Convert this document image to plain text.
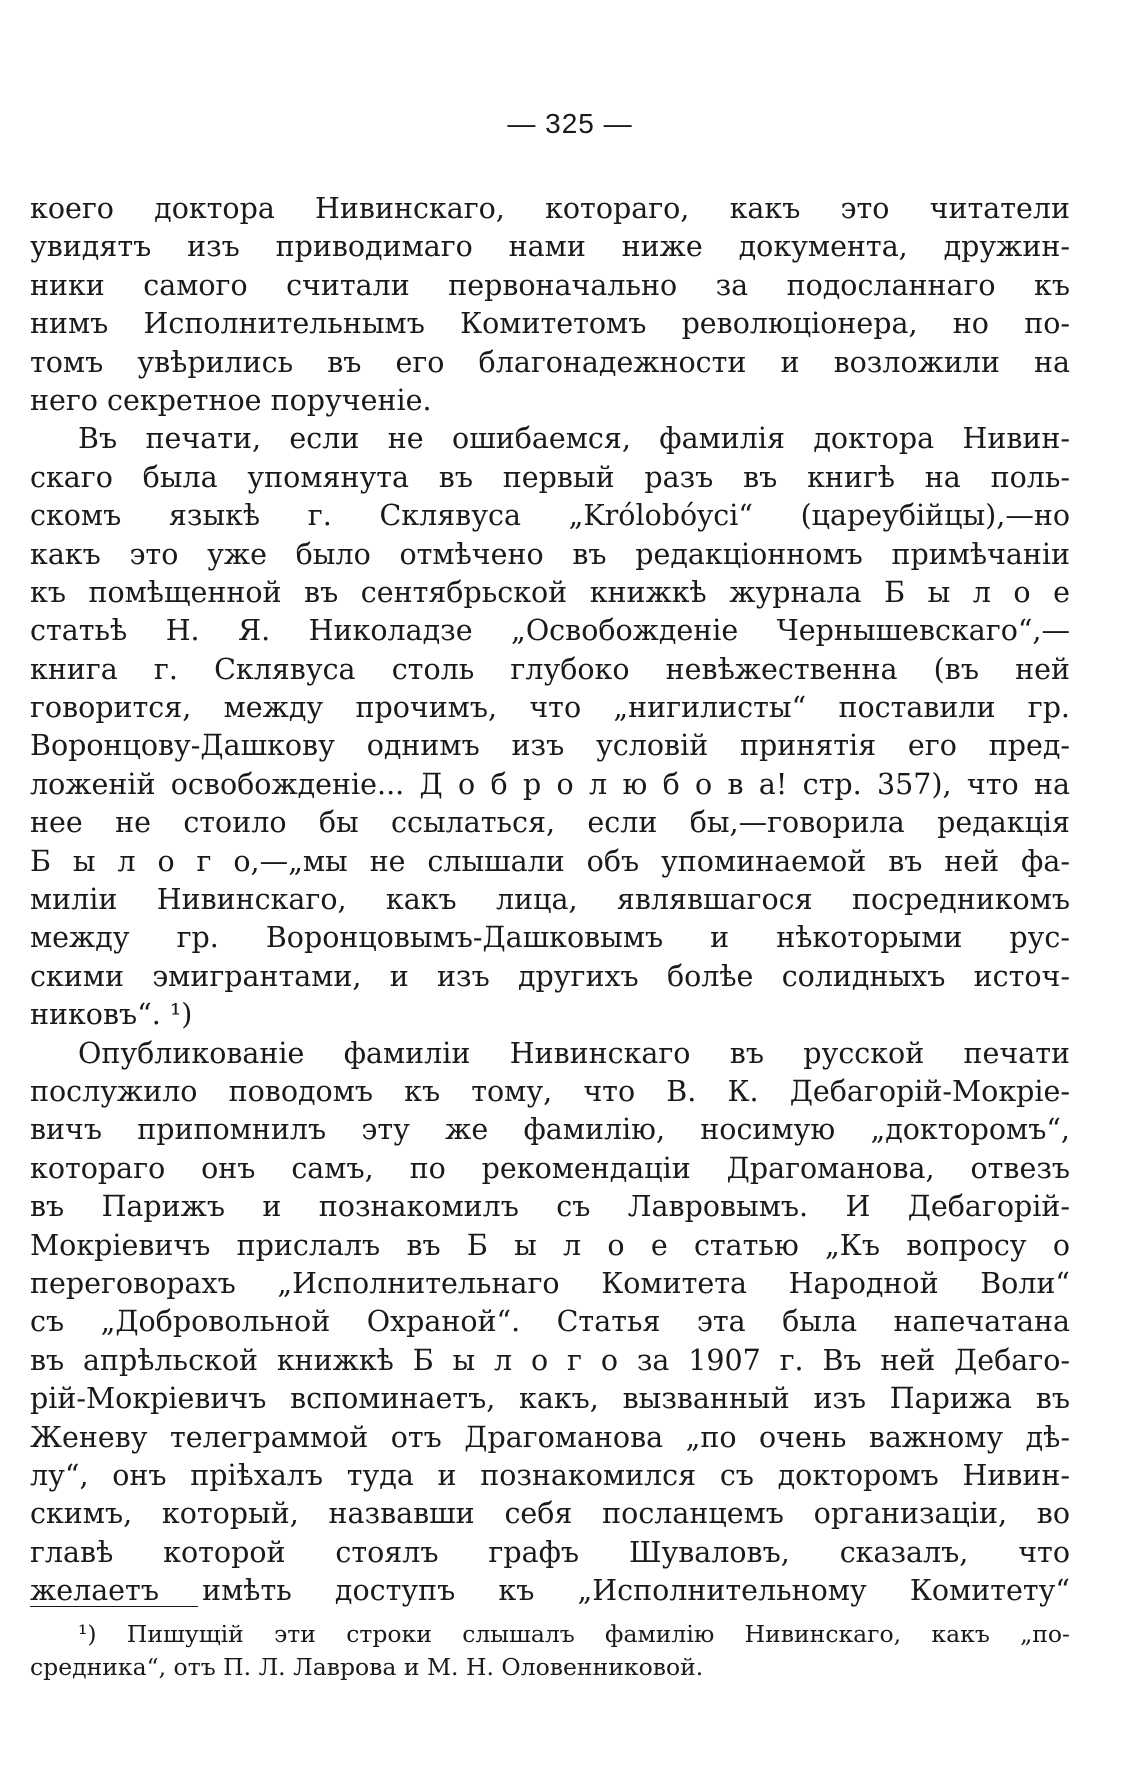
— 325 —
коего доктора Нивинскаго, котораго, какъ это читатели
увидятъ изъ приводимаго нами ниже документа, дружин-
ники самого считали первоначально за подосланнаго къ
нимъ Исполнительнымъ Комитетомъ революціонера, но по-
томъ увѣрились въ его благонадежности и возложили на
него секретное порученіе.
Въ печати, если не ошибаемся, фамилія доктора Нивин-
скаго была упомянута въ первый разъ въ книгѣ на поль-
скомъ языкѣ г. Склявуса „Królobóyci“ (цареубійцы),—но
какъ это уже было отмѣчено въ редакціонномъ примѣчаніи
къ помѣщенной въ сентябрьской книжкѣ журнала Б ы л о е
статьѣ Н. Я. Николадзе „Освобожденіе Чернышевскаго“,—
книга г. Склявуса столь глубоко невѣжественна (въ ней
говорится, между прочимъ, что „нигилисты“ поставили гр.
Воронцову-Дашкову однимъ изъ условій принятія его пред-
ложеній освобожденіе... Д о б р о л ю б о в а! стр. 357), что на
нее не стоило бы ссылаться, если бы,—говорила редакція
Б ы л о г о,—„мы не слышали объ упоминаемой въ ней фа-
миліи Нивинскаго, какъ лица, являвшагося посредникомъ
между гр. Воронцовымъ-Дашковымъ и нѣкоторыми рус-
скими эмигрантами, и изъ другихъ болѣе солидныхъ источ-
никовъ“. ¹)
Опубликованіе фамиліи Нивинскаго въ русской печати
послужило поводомъ къ тому, что В. К. Дебагорій-Мокріе-
вичъ припомнилъ эту же фамилію, носимую „докторомъ“,
котораго онъ самъ, по рекомендаціи Драгоманова, отвезъ
въ Парижъ и познакомилъ съ Лавровымъ. И Дебагорій-
Мокріевичъ прислалъ въ Б ы л о е статью „Къ вопросу о
переговорахъ „Исполнительнаго Комитета Народной Воли“
съ „Добровольной Охраной“. Статья эта была напечатана
въ апрѣльской книжкѣ Б ы л о г о за 1907 г. Въ ней Дебаго-
рій-Мокріевичъ вспоминаетъ, какъ, вызванный изъ Парижа въ
Женеву телеграммой отъ Драгоманова „по очень важному дѣ-
лу“, онъ пріѣхалъ туда и познакомился съ докторомъ Нивин-
скимъ, который, назвавши себя посланцемъ организаціи, во
главѣ которой стоялъ графъ Шуваловъ, сказалъ, что
желаетъ имѣть доступъ къ „Исполнительному Комитету“
¹) Пишущій эти строки слышалъ фамилію Нивинскаго, какъ „по-
средника“, отъ П. Л. Лаврова и М. Н. Оловенниковой.
